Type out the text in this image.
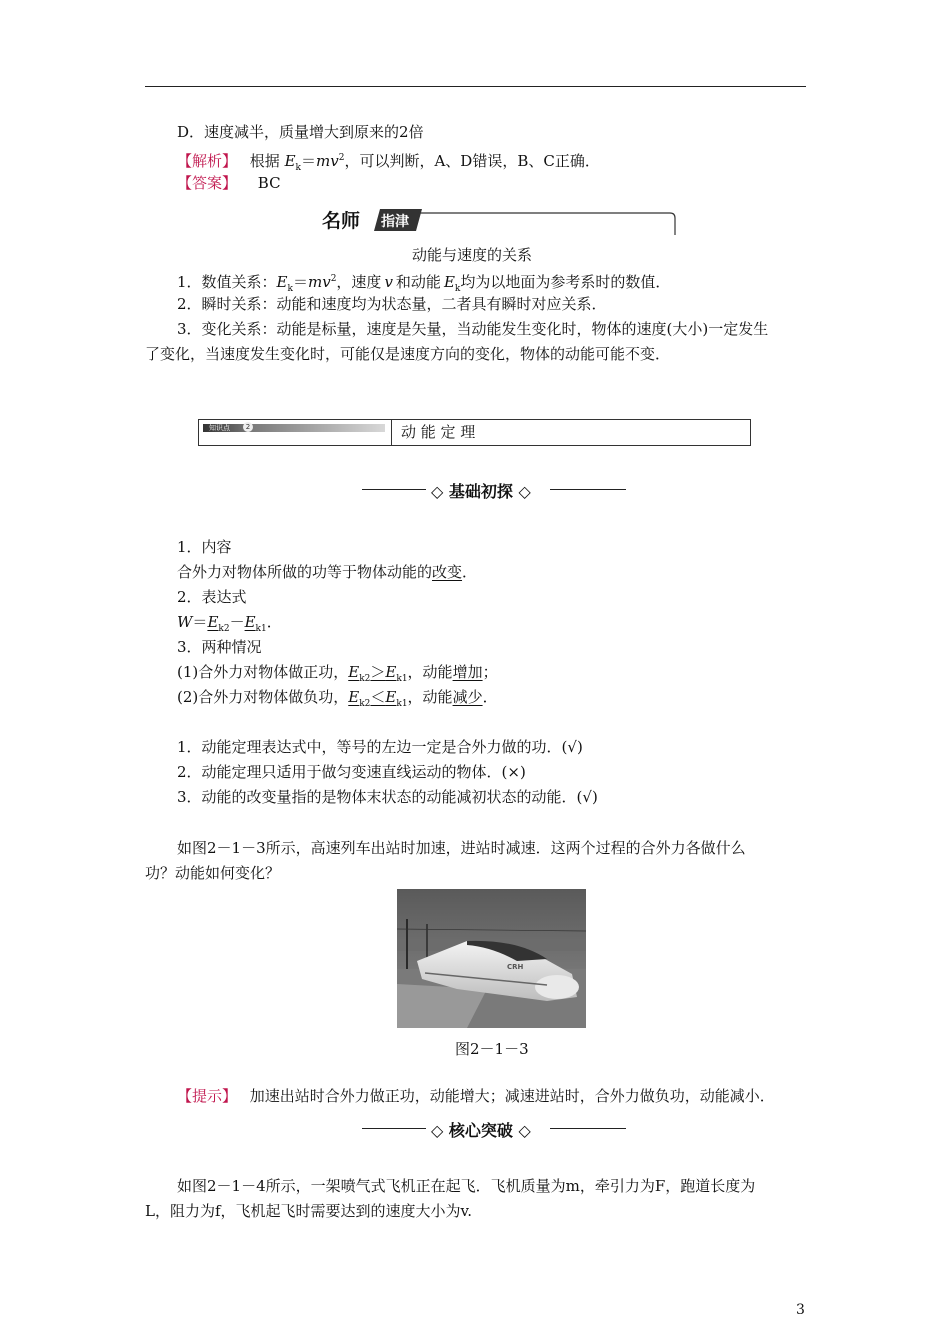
D．速度减半，质量增大到原来的2倍
【解析】 根据 $E_k=mv^2$，可以判断，A、D错误，B、C正确．
【答案】 BC
名师 指津
动能与速度的关系
1．数值关系：$E_k=mv^2$，速度 v 和动能 $E_k$均为以地面为参考系时的数值．
2．瞬时关系：动能和速度均为状态量，二者具有瞬时对应关系．
3．变化关系：动能是标量，速度是矢量，当动能发生变化时，物体的速度(大小)一定发生
了变化，当速度发生变化时，可能仅是速度方向的变化，物体的动能可能不变．
知识点	2	动 能 定 理
◇ 基础初探 ◇
1．内容
合外力对物体所做的功等于物体动能的改变．
2．表达式
$W=E_{k2}-E_{k1}$．
3．两种情况
(1)合外力对物体做正功，$E_{k2}>E_{k1}$，动能增加；
(2)合外力对物体做负功，$E_{k2}<E_{k1}$，动能减少．
1．动能定理表达式中，等号的左边一定是合外力做的功．(√)
2．动能定理只适用于做匀变速直线运动的物体．(×)
3．动能的改变量指的是物体末状态的动能减初状态的动能．(√)
如图2－1－3所示，高速列车出站时加速，进站时减速．这两个过程的合外力各做什么
功？动能如何变化？
CRH
图2－1－3
【提示】 加速出站时合外力做正功，动能增大；减速进站时，合外力做负功，动能减小．
◇ 核心突破 ◇
如图2－1－4所示，一架喷气式飞机正在起飞．飞机质量为m，牵引力为F，跑道长度为
L，阻力为f，飞机起飞时需要达到的速度大小为v.
3
